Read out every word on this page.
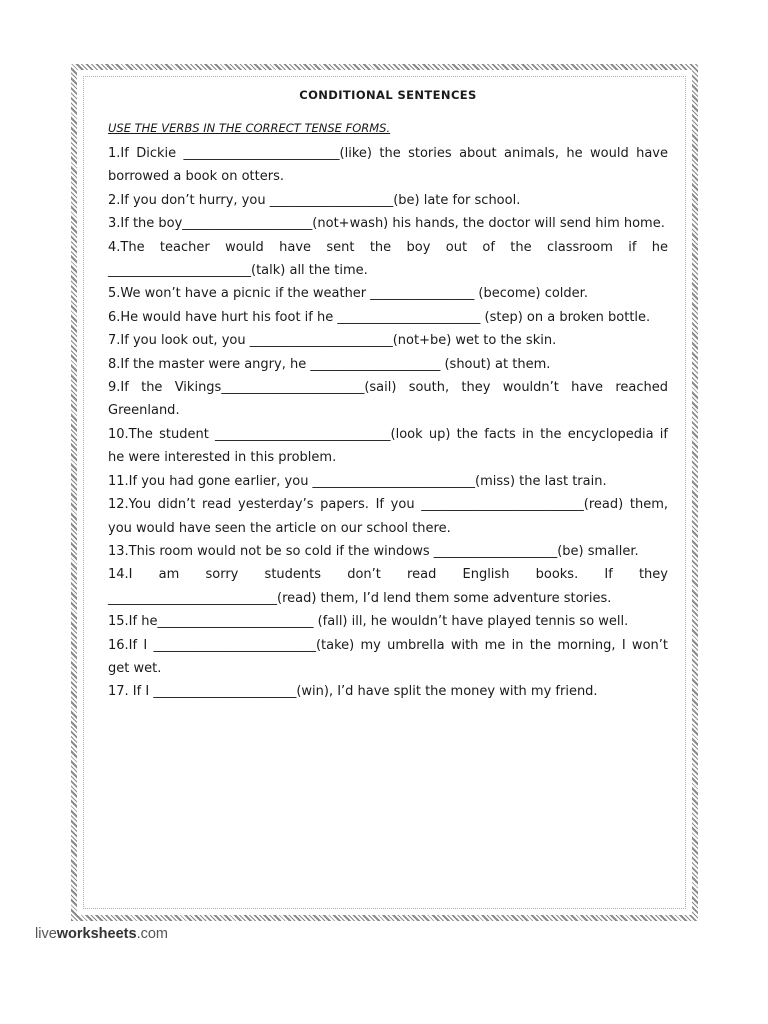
CONDITIONAL SENTENCES
USE THE VERBS IN THE CORRECT TENSE FORMS.

1.If Dickie ________________________(like) the stories about animals, he would have borrowed a book on otters.

2.If you don’t hurry, you ___________________(be) late for school.

3.If the boy____________________(not+wash) his hands, the doctor will send him home.

4.The teacher would have sent the boy out of the classroom if he ______________________(talk) all the time.

5.We won’t have a picnic if the weather ________________ (become) colder.

6.He would have hurt his foot if he ______________________ (step) on a broken bottle.

7.If you look out, you ______________________(not+be) wet to the skin.

8.If the master were angry, he ____________________ (shout) at them.

9.If the Vikings______________________(sail) south, they wouldn’t have reached Greenland.

10.The student ___________________________(look up) the facts in the encyclopedia if he were interested in this problem.

11.If you had gone earlier, you _________________________(miss) the last train.

12.You didn’t read yesterday’s papers. If you _________________________(read) them, you would have seen the article on our school there.

13.This room would not be so cold if the windows ___________________(be) smaller.

14.I am sorry students don’t read English books. If they __________________________(read) them, I’d lend them some adventure stories.

15.If he________________________ (fall) ill, he wouldn’t have played tennis so well.

16.If I _________________________(take) my umbrella with me in the morning, I won’t get wet.

17. If I ______________________(win), I’d have split the money with my friend.

liveworksheets.com
